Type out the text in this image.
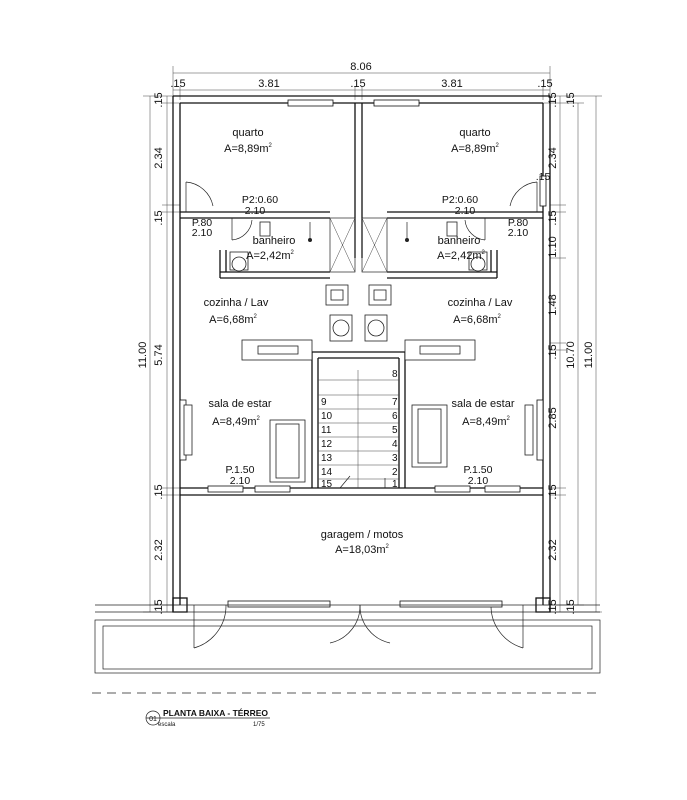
8.06
.15	3.81	.15	3.81	.15
.15
2.34
.15
5.74
.15
2.32
.15
11.00
.15
2.34
.15
1.10
1.48
.15
2.85
.15
2.32
.15
.15
10.70
.15
11.00
8
9
10
11
12
13
14
15
7
6
5
4
3
2
1
quarto
$A=8,89m^2$
quarto
$A=8,89m^2$
banheiro
$A=2,42m^2$
banheiro
$A=2,42m^2$
cozinha / Lav
$A=6,68m^2$
cozinha / Lav
$A=6,68m^2$
sala de estar
$A=8,49m^2$
sala de estar
$A=8,49m^2$
garagem / motos
$A=18,03m^2$
P2:0.60
2.10
P2:0.60
2.10
P.80
2.10
P.80
2.10
P.1.50
2.10
P.1.50
2.10
.15
01
PLANTA BAIXA - TÉRREO
escala	1/75
